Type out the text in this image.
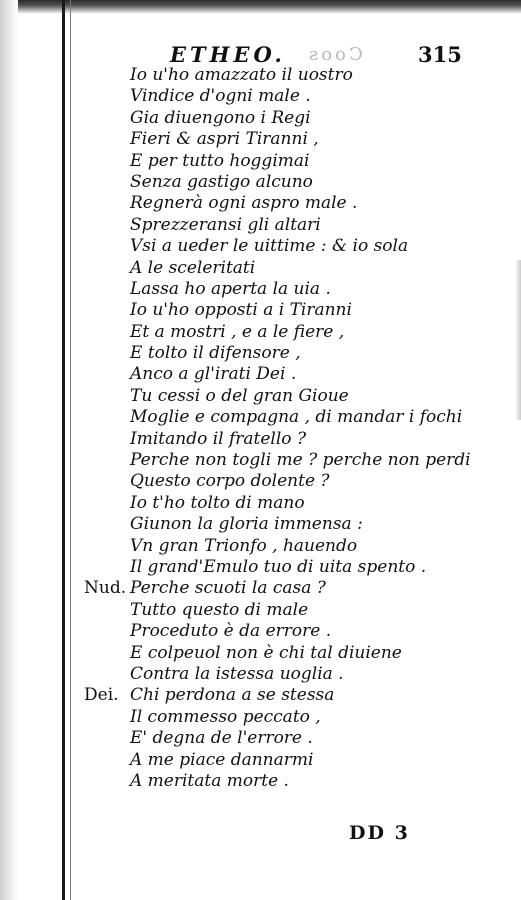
ETHEO. Coos	315
Io u'ho amazzato il uostro
Vindice d'ogni male .
Gia diuengono i Regi
Fieri & aspri Tiranni ,
E per tutto hoggimai
Senza gastigo alcuno
Regnerà ogni aspro male .
Sprezzeransi gli altari
Vsi a ueder le uittime : & io sola
A le sceleritati
Lassa ho aperta la uia .
Io u'ho opposti a i Tiranni
Et a mostri , e a le fiere ,
E tolto il difensore ,
Anco a gl'irati Dei .
Tu cessi o del gran Gioue
Moglie e compagna , di mandar i fochi
Imitando il fratello ?
Perche non togli me ? perche non perdi
Questo corpo dolente ?
Io t'ho tolto di mano
Giunon la gloria immensa :
Vn gran Trionfo , hauendo
Il grand'Emulo tuo di uita spento .
Nud. Perche scuoti la casa ?
Tutto questo di male
Proceduto è da errore .
E colpeuol non è chi tal diuiene
Contra la istessa uoglia .
Dei. Chi perdona a se stessa
Il commesso peccato ,
E' degna de l'errore .
A me piace dannarmi
A meritata morte .
DD 3
